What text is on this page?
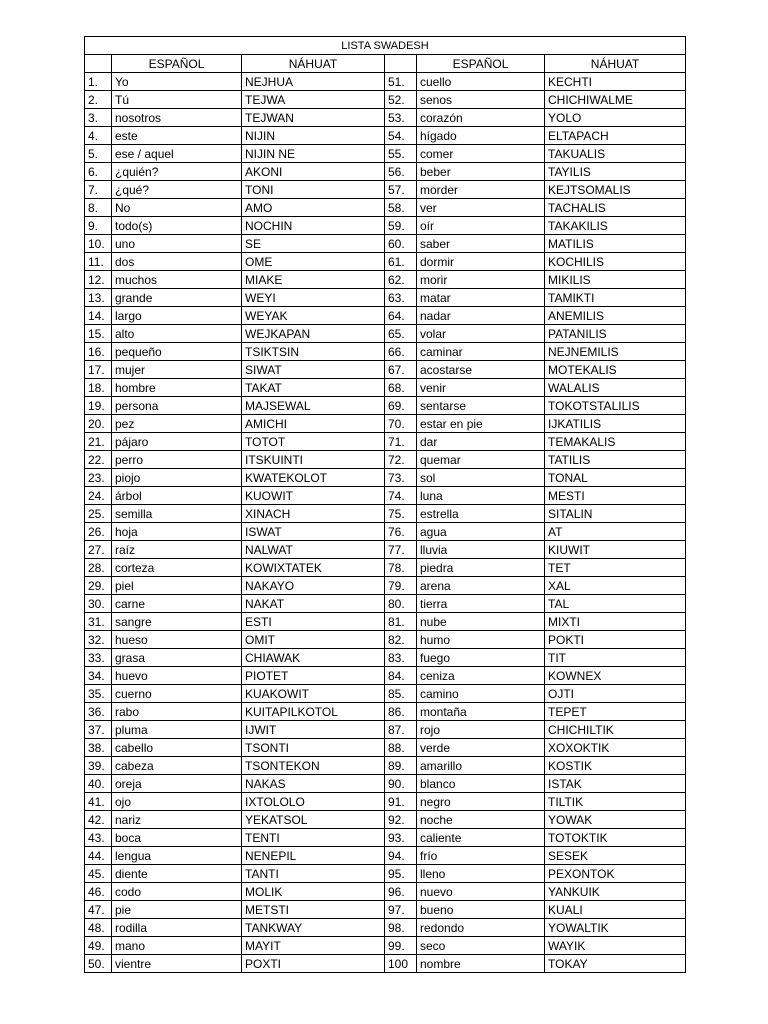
LISTA SWADESH					
	ESPAÑOL	NÁHUAT		ESPAÑOL	NÁHUAT
1.	Yo	NEJHUA	51.	cuello	KECHTI
2.	Tú	TEJWA	52.	senos	CHICHIWALME
3.	nosotros	TEJWAN	53.	corazón	YOLO
4.	este	NIJIN	54.	hígado	ELTAPACH
5.	ese / aquel	NIJIN NE	55.	comer	TAKUALIS
6.	¿quién?	AKONI	56.	beber	TAYILIS
7.	¿qué?	TONI	57.	morder	KEJTSOMALIS
8.	No	AMO	58.	ver	TACHALIS
9.	todo(s)	NOCHIN	59.	oír	TAKAKILIS
10.	uno	SE	60.	saber	MATILIS
11.	dos	OME	61.	dormir	KOCHILIS
12.	muchos	MIAKE	62.	morir	MIKILIS
13.	grande	WEYI	63.	matar	TAMIKTI
14.	largo	WEYAK	64.	nadar	ANEMILIS
15.	alto	WEJKAPAN	65.	volar	PATANILIS
16.	pequeño	TSIKTSIN	66.	caminar	NEJNEMILIS
17.	mujer	SIWAT	67.	acostarse	MOTEKALIS
18.	hombre	TAKAT	68.	venir	WALALIS
19.	persona	MAJSEWAL	69.	sentarse	TOKOTSTALILIS
20.	pez	AMICHI	70.	estar en pie	IJKATILIS
21.	pájaro	TOTOT	71.	dar	TEMAKALIS
22.	perro	ITSKUINTI	72.	quemar	TATILIS
23.	piojo	KWATEKOLOT	73.	sol	TONAL
24.	árbol	KUOWIT	74.	luna	MESTI
25.	semilla	XINACH	75.	estrella	SITALIN
26.	hoja	ISWAT	76.	agua	AT
27.	raíz	NALWAT	77.	lluvia	KIUWIT
28.	corteza	KOWIXTATEK	78.	piedra	TET
29.	piel	NAKAYO	79.	arena	XAL
30.	carne	NAKAT	80.	tierra	TAL
31.	sangre	ESTI	81.	nube	MIXTI
32.	hueso	OMIT	82.	humo	POKTI
33.	grasa	CHIAWAK	83.	fuego	TIT
34.	huevo	PIOTET	84.	ceniza	KOWNEX
35.	cuerno	KUAKOWIT	85.	camino	OJTI
36.	rabo	KUITAPILKOTOL	86.	montaña	TEPET
37.	pluma	IJWIT	87.	rojo	CHICHILTIK
38.	cabello	TSONTI	88.	verde	XOXOKTIK
39.	cabeza	TSONTEKON	89.	amarillo	KOSTIK
40.	oreja	NAKAS	90.	blanco	ISTAK
41.	ojo	IXTOLOLO	91.	negro	TILTIK
42.	nariz	YEKATSOL	92.	noche	YOWAK
43.	boca	TENTI	93.	caliente	TOTOKTIK
44.	lengua	NENEPIL	94.	frío	SESEK
45.	diente	TANTI	95.	lleno	PEXONTOK
46.	codo	MOLIK	96.	nuevo	YANKUIK
47.	pie	METSTI	97.	bueno	KUALI
48.	rodilla	TANKWAY	98.	redondo	YOWALTIK
49.	mano	MAYIT	99.	seco	WAYIK
50.	vientre	POXTI	100	nombre	TOKAY
